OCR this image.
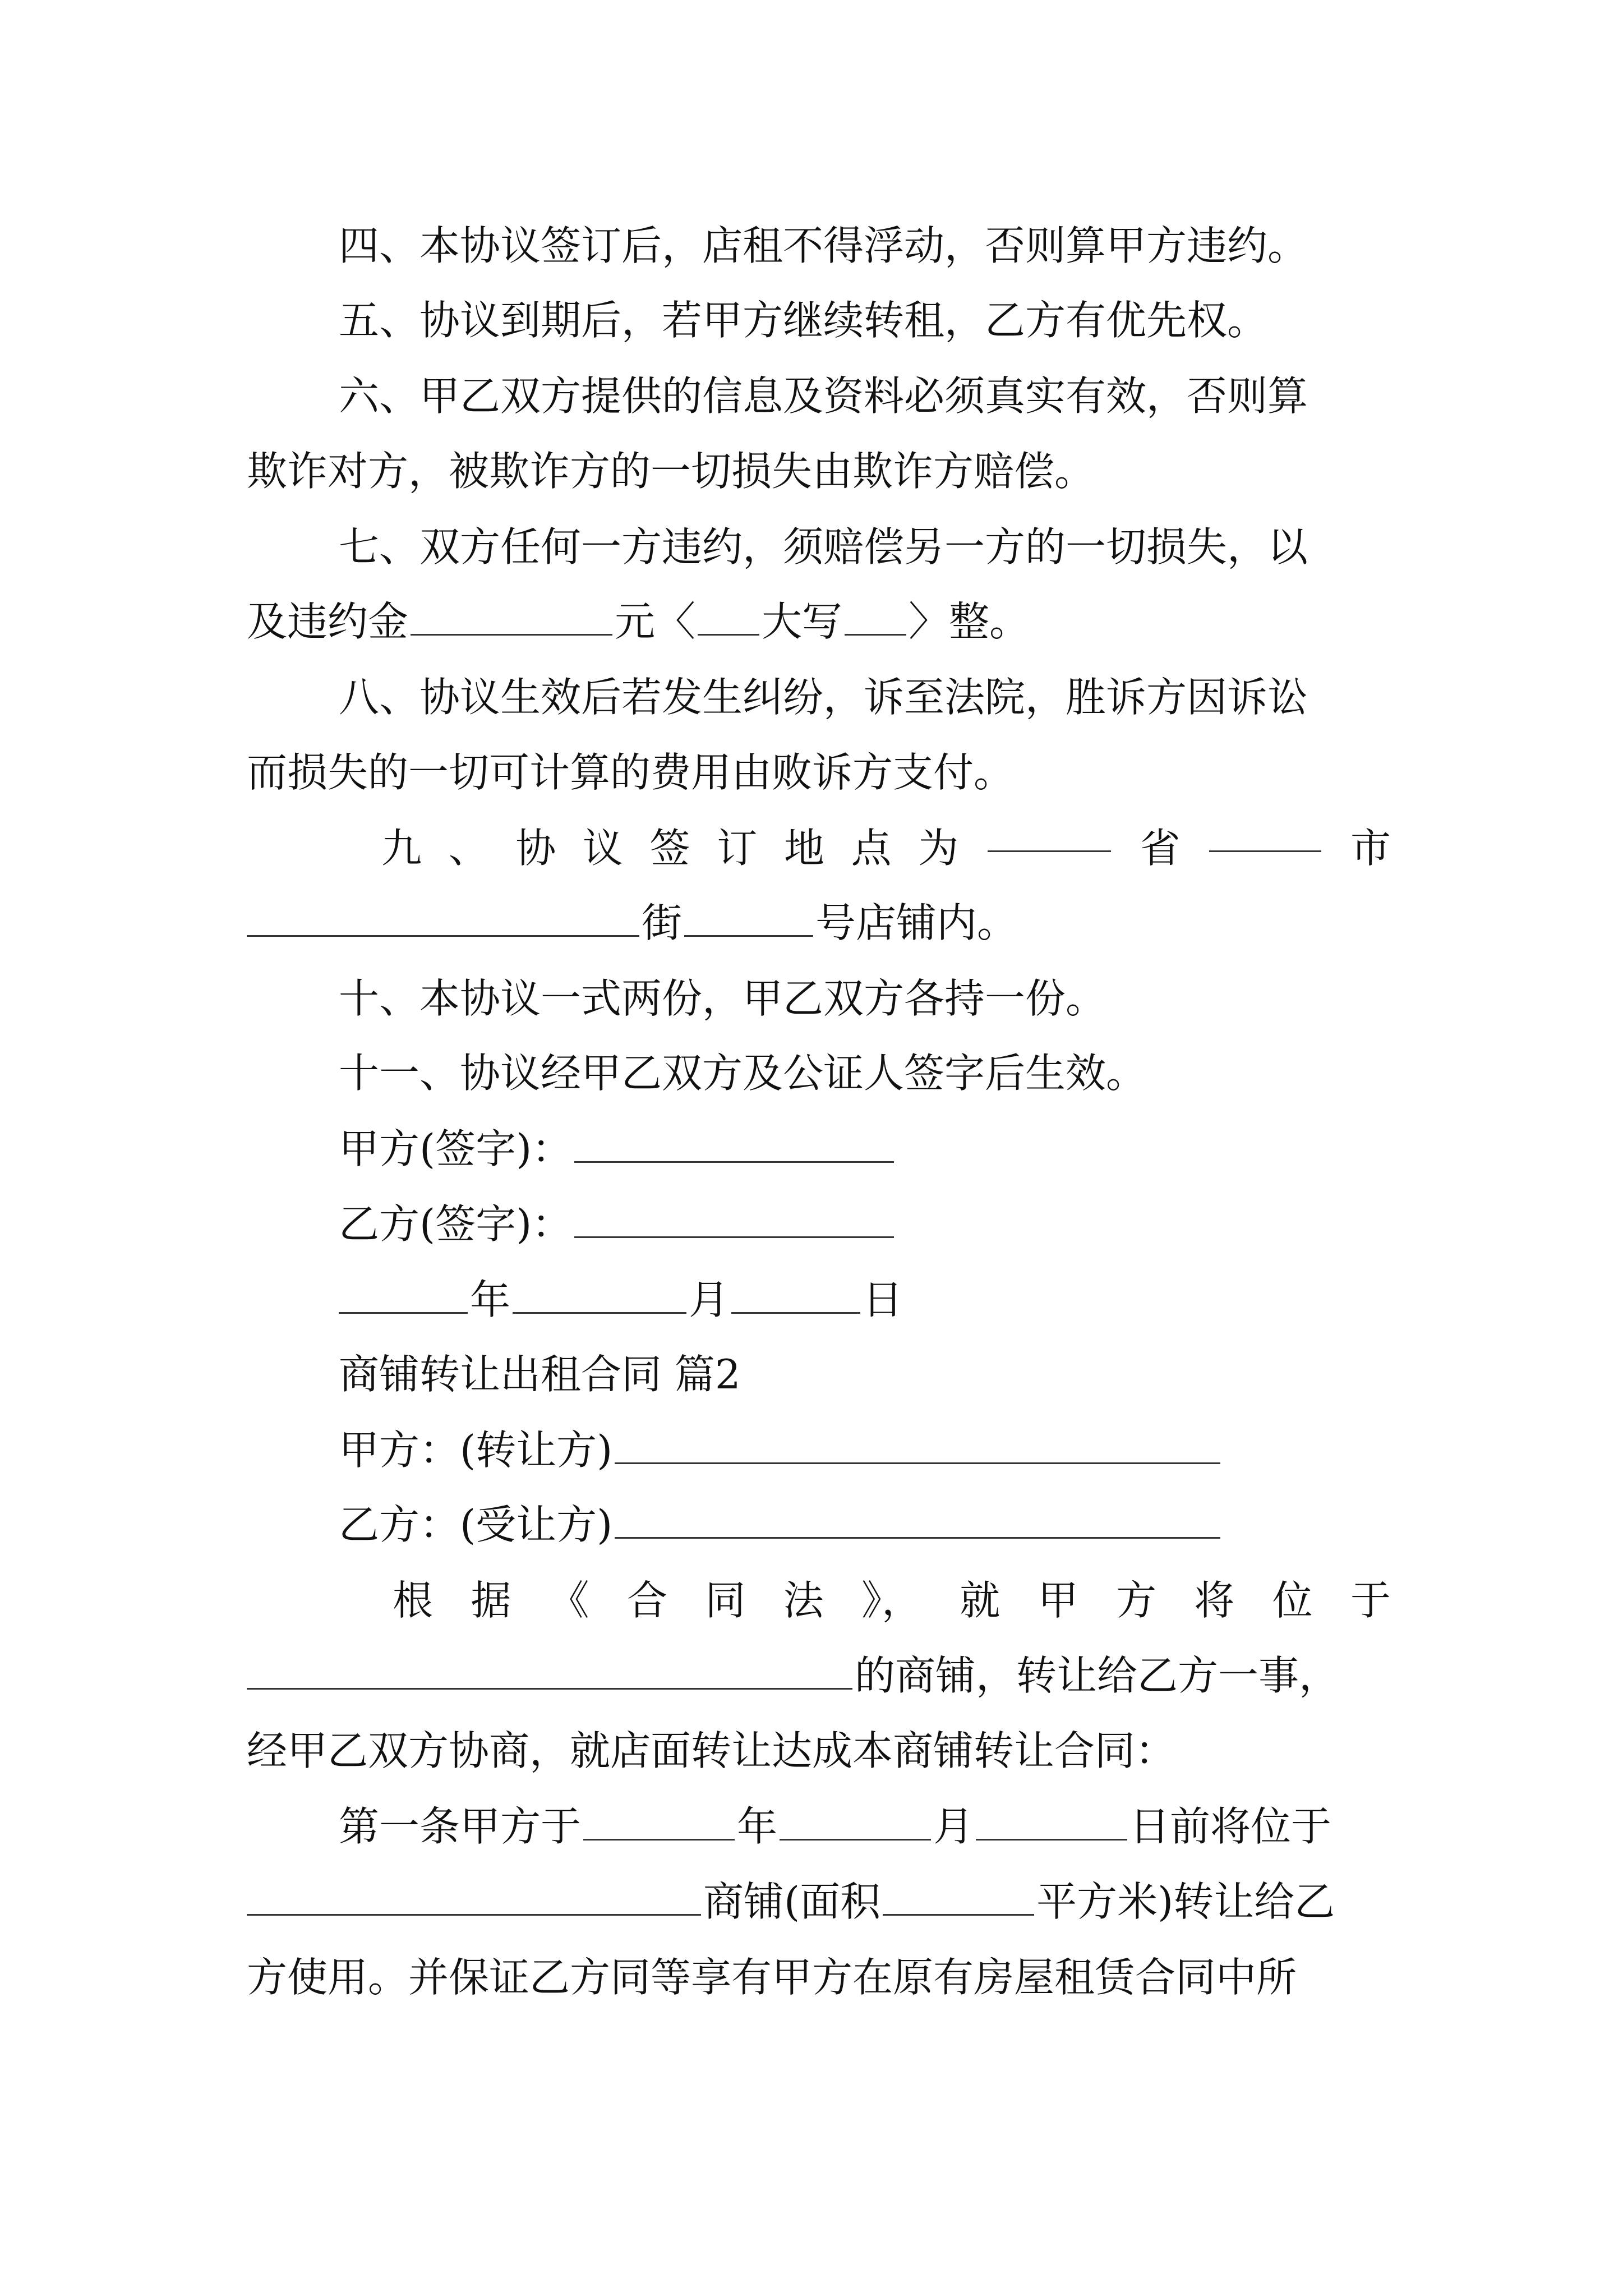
四、本协议签订后，店租不得浮动，否则算甲方违约。
五、协议到期后，若甲方继续转租，乙方有优先权。
六、甲乙双方提供的信息及资料必须真实有效，否则算
欺诈对方，被欺诈方的一切损失由欺诈方赔偿。
七、双方任何一方违约，须赔偿另一方的一切损失，以
及违约金	元〈 大写 〉整。
八、协议生效后若发生纠纷，诉至法院，胜诉方因诉讼
而损失的一切可计算的费用由败诉方支付。
九 、 协 议 签 订 地 点 为	省	市
街	号店铺内。
十、本协议一式两份，甲乙双方各持一份。
十一、协议经甲乙双方及公证人签字后生效。
甲方(签字)：
乙方(签字)：
年	月	日
商铺转让出租合同 篇2
甲方：(转让方)
乙方：(受让方)
根 据 《 合 同 法 》， 就 甲 方 将 位 于
的商铺，转让给乙方一事，
经甲乙双方协商，就店面转让达成本商铺转让合同：
第一条甲方于	年	月	日前将位于
商铺(面积	平方米)转让给乙
方使用。并保证乙方同等享有甲方在原有房屋租赁合同中所
